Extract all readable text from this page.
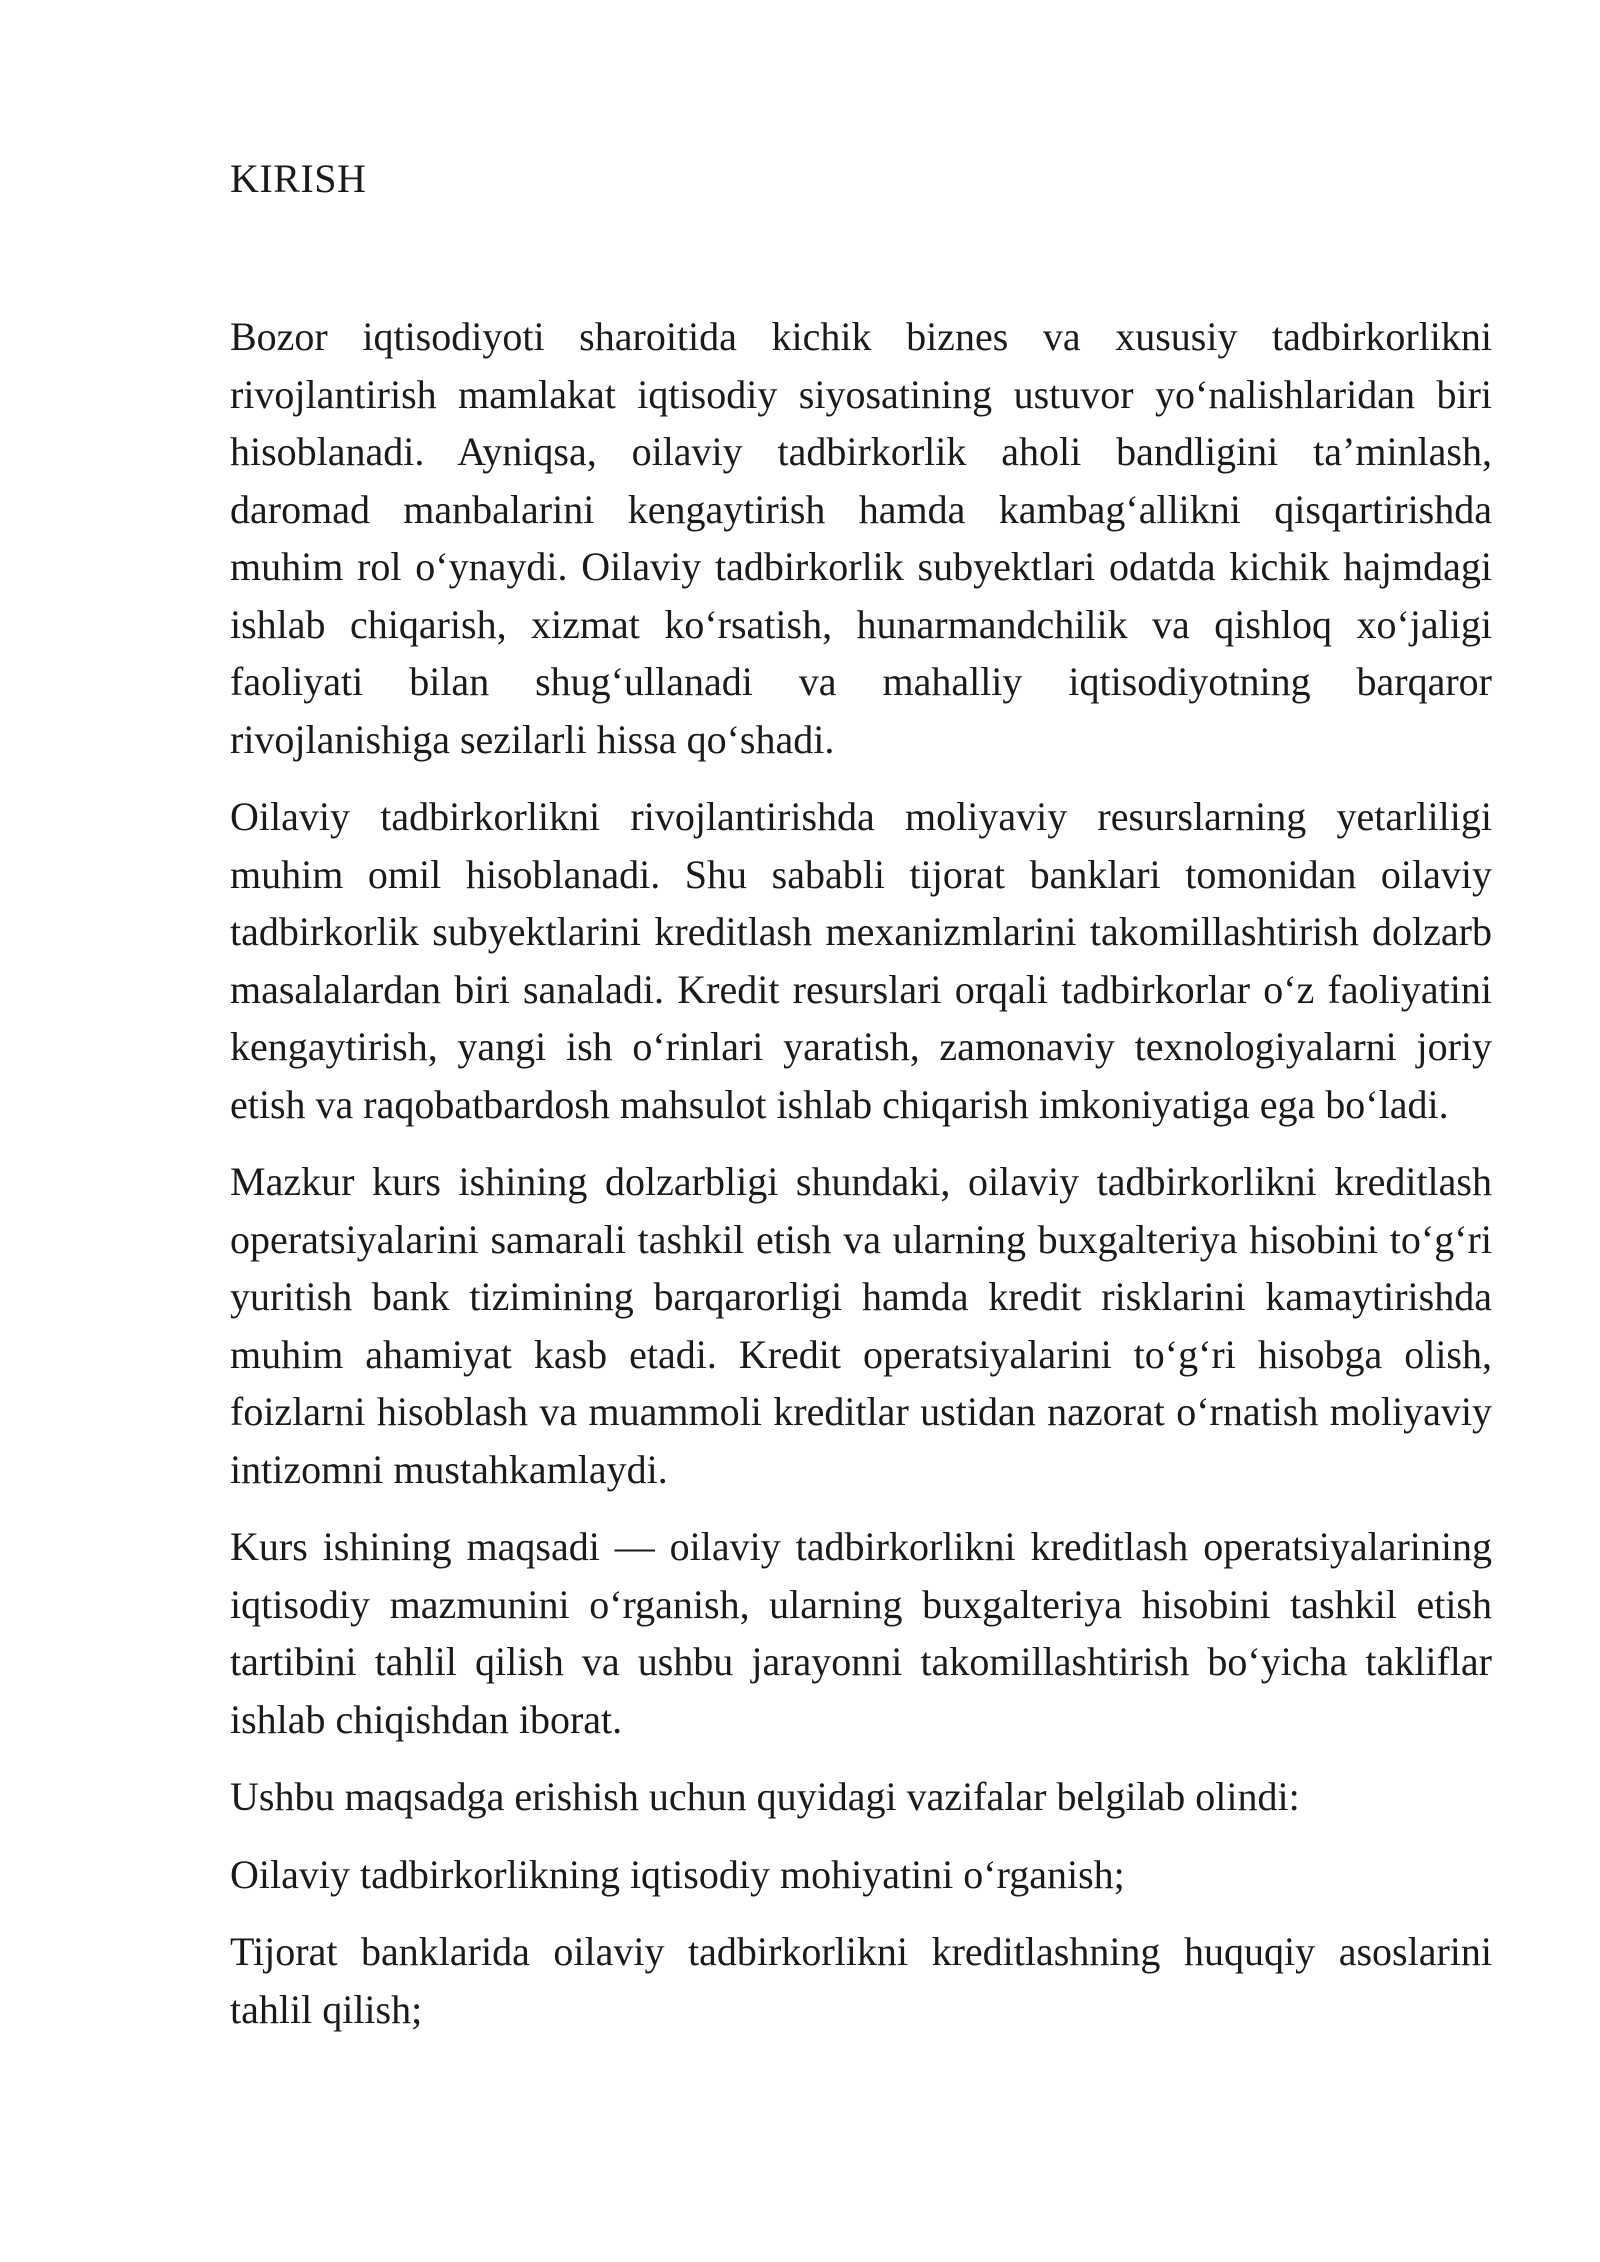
KIRISH

Bozor iqtisodiyoti sharoitida kichik biznes va xususiy tadbirkorlikni rivojlantirish mamlakat iqtisodiy siyosatining ustuvor yo‘nalishlaridan biri hisoblanadi. Ayniqsa, oilaviy tadbirkorlik aholi bandligini ta’minlash, daromad manbalarini kengaytirish hamda kambag‘allikni qisqartirishda muhim rol o‘ynaydi. Oilaviy tadbirkorlik subyektlari odatda kichik hajmdagi ishlab chiqarish, xizmat ko‘rsatish, hunarmandchilik va qishloq xo‘jaligi faoliyati bilan shug‘ullanadi va mahalliy iqtisodiyotning barqaror rivojlanishiga sezilarli hissa qo‘shadi.

Oilaviy tadbirkorlikni rivojlantirishda moliyaviy resurslarning yetarliligi muhim omil hisoblanadi. Shu sababli tijorat banklari tomonidan oilaviy tadbirkorlik subyektlarini kreditlash mexanizmlarini takomillashtirish dolzarb masalalardan biri sanaladi. Kredit resurslari orqali tadbirkorlar o‘z faoliyatini kengaytirish, yangi ish o‘rinlari yaratish, zamonaviy texnologiyalarni joriy etish va raqobatbardosh mahsulot ishlab chiqarish imkoniyatiga ega bo‘ladi.

Mazkur kurs ishining dolzarbligi shundaki, oilaviy tadbirkorlikni kreditlash operatsiyalarini samarali tashkil etish va ularning buxgalteriya hisobini to‘g‘ri yuritish bank tizimining barqarorligi hamda kredit risklarini kamaytirishda muhim ahamiyat kasb etadi. Kredit operatsiyalarini to‘g‘ri hisobga olish, foizlarni hisoblash va muammoli kreditlar ustidan nazorat o‘rnatish moliyaviy intizomni mustahkamlaydi.

Kurs ishining maqsadi — oilaviy tadbirkorlikni kreditlash operatsiyalarining iqtisodiy mazmunini o‘rganish, ularning buxgalteriya hisobini tashkil etish tartibini tahlil qilish va ushbu jarayonni takomillashtirish bo‘yicha takliflar ishlab chiqishdan iborat.

Ushbu maqsadga erishish uchun quyidagi vazifalar belgilab olindi:

Oilaviy tadbirkorlikning iqtisodiy mohiyatini o‘rganish;

Tijorat banklarida oilaviy tadbirkorlikni kreditlashning huquqiy asoslarini tahlil qilish;
